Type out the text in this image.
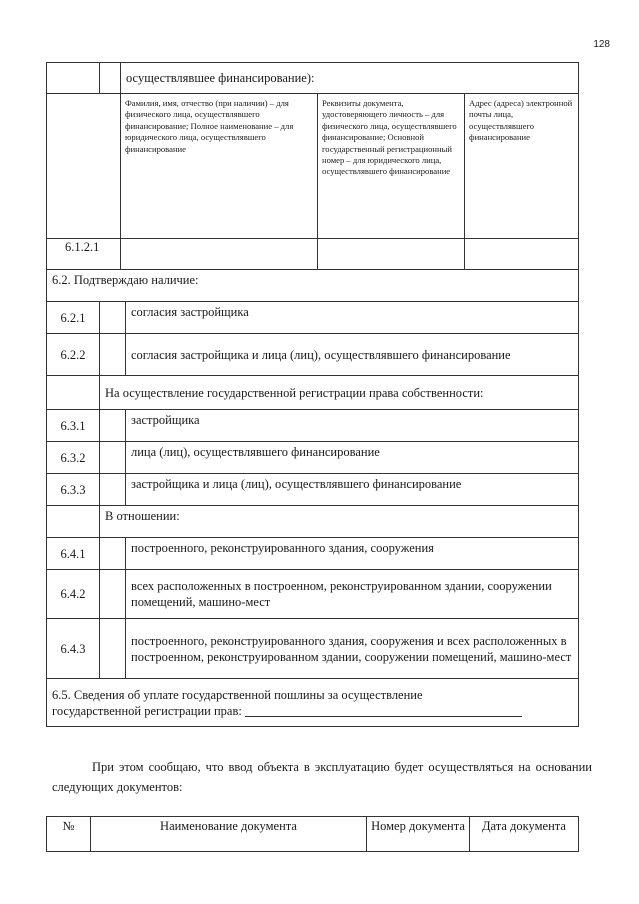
128
		осуществлявшее финансирование):			
		Фамилия, имя, отчество (при наличии) – для физического лица, осуществлявшего финансирование; Полное наименование – для юридического лица, осуществлявшего финансирование		Реквизиты документа, удостоверяющего личность – для физического лица, осуществлявшего финансирование; Основной государственный регистрационный номер – для юридического лица, осуществлявшего финансирование	Адрес (адреса) электронной почты лица, осуществлявшего финансирование
6.1.2.1					
6.2. Подтверждаю наличие:					
6.2.1			согласия застройщика		
6.2.2			согласия застройщика и лица (лиц), осуществлявшего финансирование		
	На осуществление государственной регистрации права собственности:				
6.3.1			застройщика		
6.3.2			лица (лиц), осуществлявшего финансирование		
6.3.3			застройщика и лица (лиц), осуществлявшего финансирование		
	В отношении:				
6.4.1			построенного, реконструированного здания, сооружения		
6.4.2			всех расположенных в построенном, реконструированном здании, сооружении помещений, машино-мест		
6.4.3			построенного, реконструированного здания, сооружения и всех расположенных в построенном, реконструированном здании, сооружении помещений, машино-мест		

6.5. Сведения об уплате государственной пошлины за осуществление
государственной регистрации прав:					
При этом сообщаю, что ввод объекта в эксплуатацию будет осуществляться на основании следующих документов:
№	Наименование документа	Номер документа	Дата документа
